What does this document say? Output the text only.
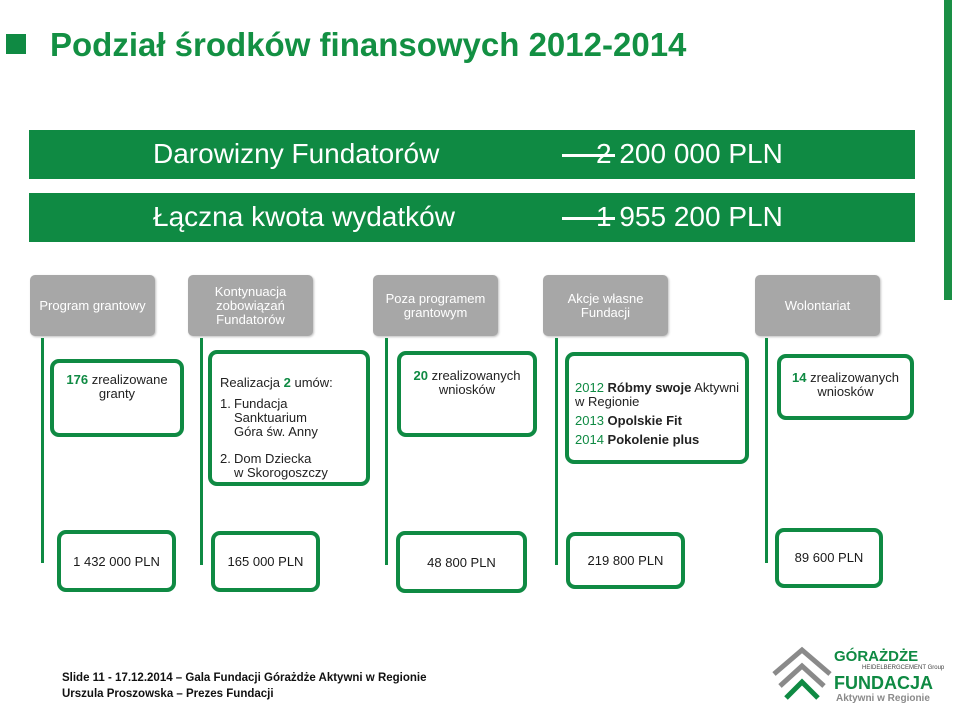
Podział środków finansowych 2012-2014
Darowizny Fundatorów	2 200 000 PLN
Łączna kwota wydatków	1 955 200 PLN
Program grantowy
Kontynuacja
zobowiązań
Fundatorów
Poza programem
grantowym
Akcje własne
Fundacji	Wolontariat
176 zrealizowane granty
Realizacja 2 umów:
1. Fundacja
Sanktuarium
Góra św. Anny
2. Dom Dziecka
w Skorogoszczy
20 zrealizowanych
wniosków	2012 Róbmy swoje Aktywni
w Regionie
2013 Opolskie Fit
2014 Pokolenie plus
14 zrealizowanych
wniosków
1 432 000 PLN	165 000 PLN	48 800 PLN	219 800 PLN	89 600 PLN
Slide 11 - 17.12.2014 – Gala Fundacji Górażdże Aktywni w Regionie
Urszula Proszowska – Prezes Fundacji
GÓRAŻDŻE
HEIDELBERGCEMENT Group
FUNDACJA
Aktywni w Regionie
